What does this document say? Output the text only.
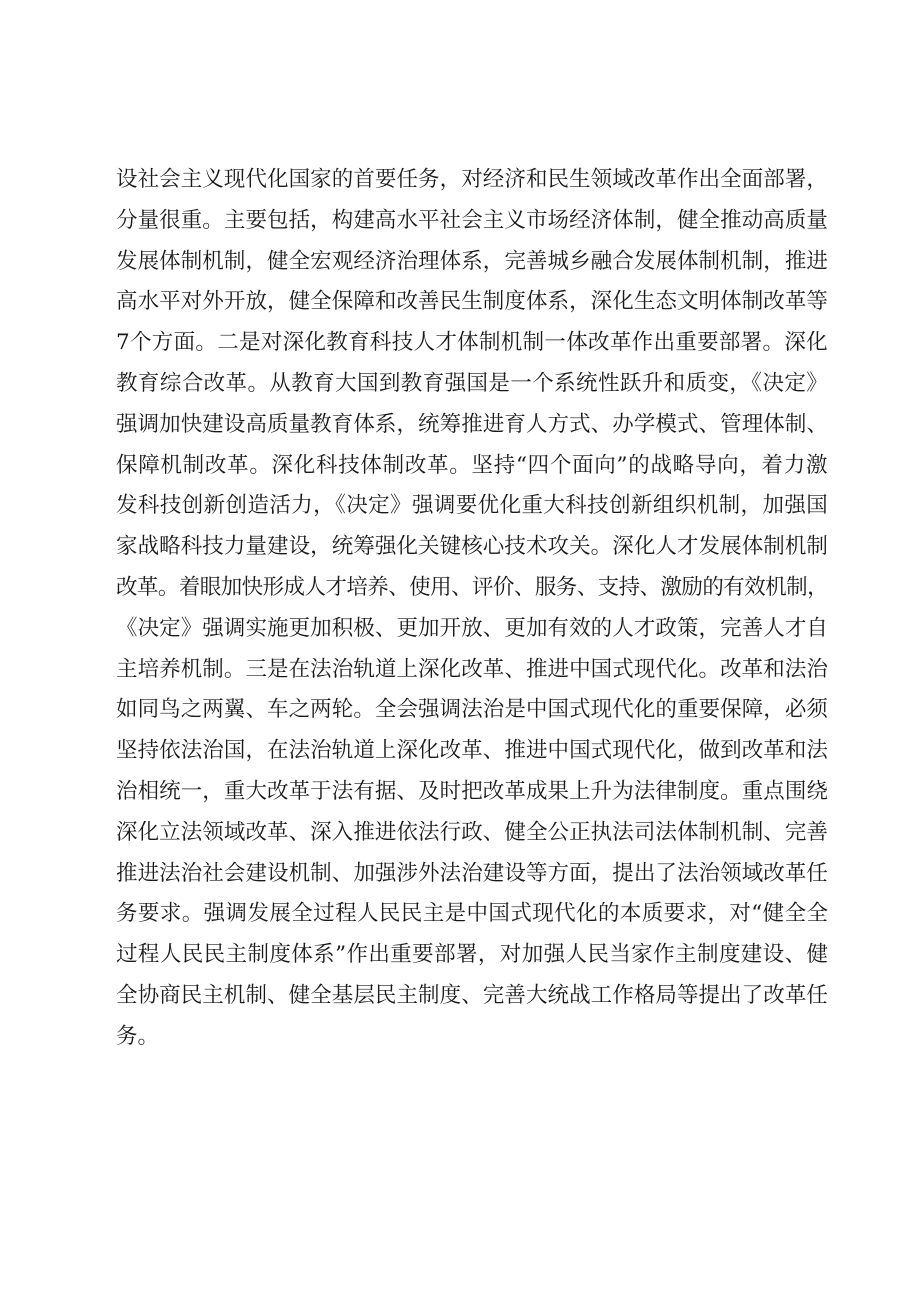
设社会主义现代化国家的首要任务，对经济和民生领域改革作出全面部署，
分量很重。主要包括，构建高水平社会主义市场经济体制，健全推动高质量
发展体制机制，健全宏观经济治理体系，完善城乡融合发展体制机制，推进
高水平对外开放，健全保障和改善民生制度体系，深化生态文明体制改革等
7个方面。二是对深化教育科技人才体制机制一体改革作出重要部署。深化
教育综合改革。从教育大国到教育强国是一个系统性跃升和质变，《决定》
强调加快建设高质量教育体系，统筹推进育人方式、办学模式、管理体制、
保障机制改革。深化科技体制改革。坚持“四个面向”的战略导向，着力激
发科技创新创造活力，《决定》强调要优化重大科技创新组织机制，加强国
家战略科技力量建设，统筹强化关键核心技术攻关。深化人才发展体制机制
改革。着眼加快形成人才培养、使用、评价、服务、支持、激励的有效机制，
《决定》强调实施更加积极、更加开放、更加有效的人才政策，完善人才自
主培养机制。三是在法治轨道上深化改革、推进中国式现代化。改革和法治
如同鸟之两翼、车之两轮。全会强调法治是中国式现代化的重要保障，必须
坚持依法治国，在法治轨道上深化改革、推进中国式现代化，做到改革和法
治相统一，重大改革于法有据、及时把改革成果上升为法律制度。重点围绕
深化立法领域改革、深入推进依法行政、健全公正执法司法体制机制、完善
推进法治社会建设机制、加强涉外法治建设等方面，提出了法治领域改革任
务要求。强调发展全过程人民民主是中国式现代化的本质要求，对“健全全
过程人民民主制度体系”作出重要部署，对加强人民当家作主制度建设、健
全协商民主机制、健全基层民主制度、完善大统战工作格局等提出了改革任
务。
